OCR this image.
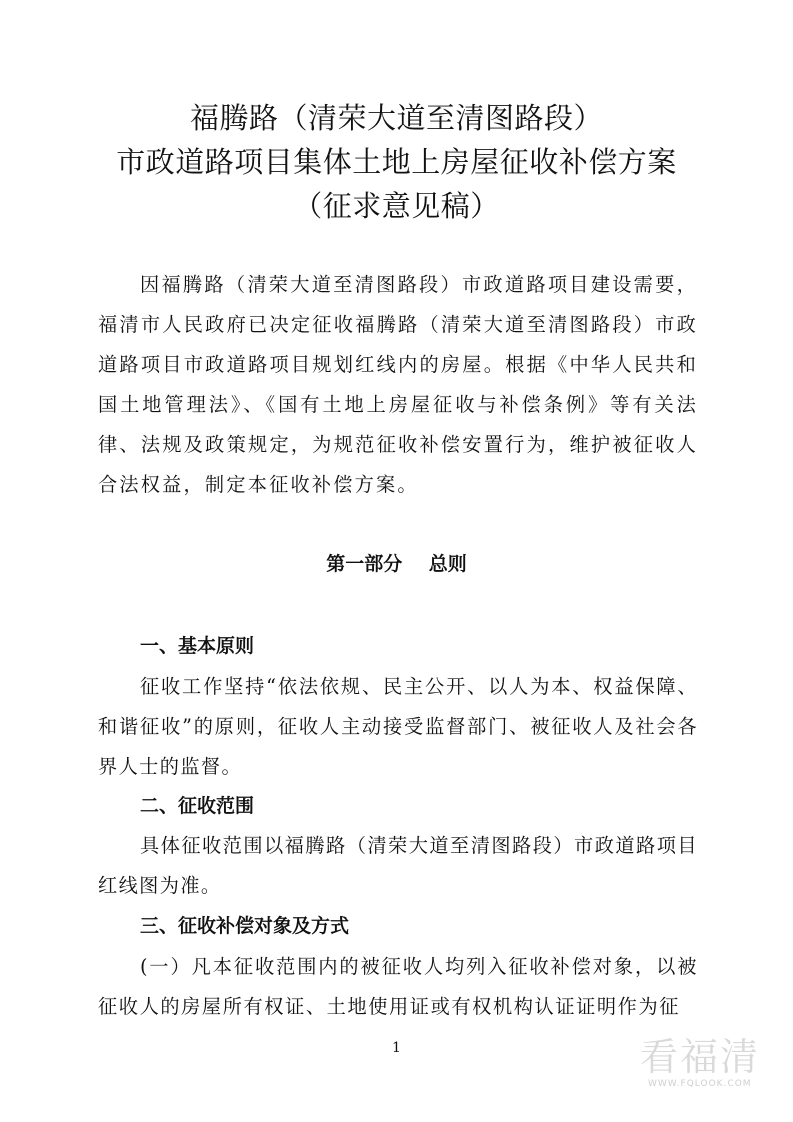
福腾路（清荣大道至清图路段）
市政道路项目集体土地上房屋征收补偿方案
（征求意见稿）

因福腾路（清荣大道至清图路段）市政道路项目建设需要，福清市人民政府已决定征收福腾路（清荣大道至清图路段）市政道路项目市政道路项目规划红线内的房屋。根据《中华人民共和国土地管理法》、《国有土地上房屋征收与补偿条例》等有关法律、法规及政策规定，为规范征收补偿安置行为，维护被征收人合法权益，制定本征收补偿方案。

第一部分    总则

一、基本原则

征收工作坚持“依法依规、民主公开、以人为本、权益保障、和谐征收”的原则，征收人主动接受监督部门、被征收人及社会各界人士的监督。

二、征收范围

具体征收范围以福腾路（清荣大道至清图路段）市政道路项目红线图为准。

三、征收补偿对象及方式

(一）凡本征收范围内的被征收人均列入征收补偿对象，以被征收人的房屋所有权证、土地使用证或有权机构认证证明作为征

1	看福清
WWW.FQLOOK.COM
